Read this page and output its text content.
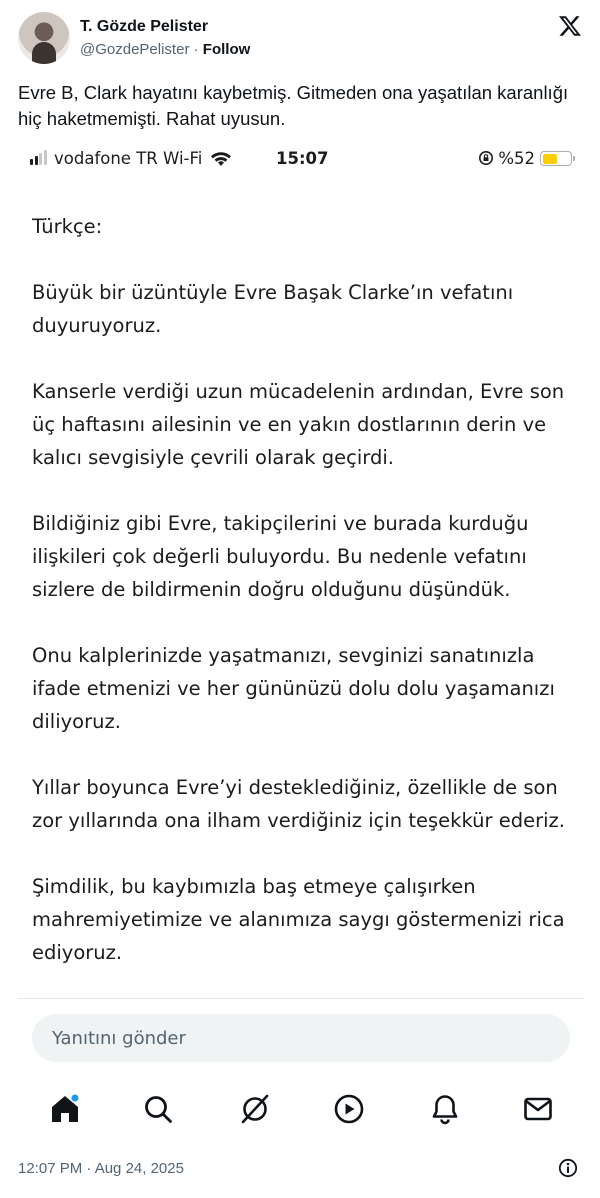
T. Gözde Pelister
@GozdePelister · Follow
Evre B, Clark hayatını kaybetmiş. Gitmeden ona yaşatılan karanlığı hiç haketmemişti. Rahat uyusun.
vodafone TR Wi-Fi	15:07	%52

Türkçe:

Büyük bir üzüntüyle Evre Başak Clarke’ın vefatını duyuruyoruz.

Kanserle verdiği uzun mücadelenin ardından, Evre son üç haftasını ailesinin ve en yakın dostlarının derin ve kalıcı sevgisiyle çevrili olarak geçirdi.

Bildiğiniz gibi Evre, takipçilerini ve burada kurduğu ilişkileri çok değerli buluyordu. Bu nedenle vefatını sizlere de bildirmenin doğru olduğunu düşündük.

Onu kalplerinizde yaşatmanızı, sevginizi sanatınızla ifade etmenizi ve her gününüzü dolu dolu yaşamanızı diliyoruz.

Yıllar boyunca Evre’yi desteklediğiniz, özellikle de son zor yıllarında ona ilham verdiğiniz için teşekkür ederiz.

Şimdilik, bu kaybımızla baş etmeye çalışırken mahremiyetimize ve alanımıza saygı göstermenizi rica ediyoruz.

Yanıtını gönder
12:07 PM · Aug 24, 2025
